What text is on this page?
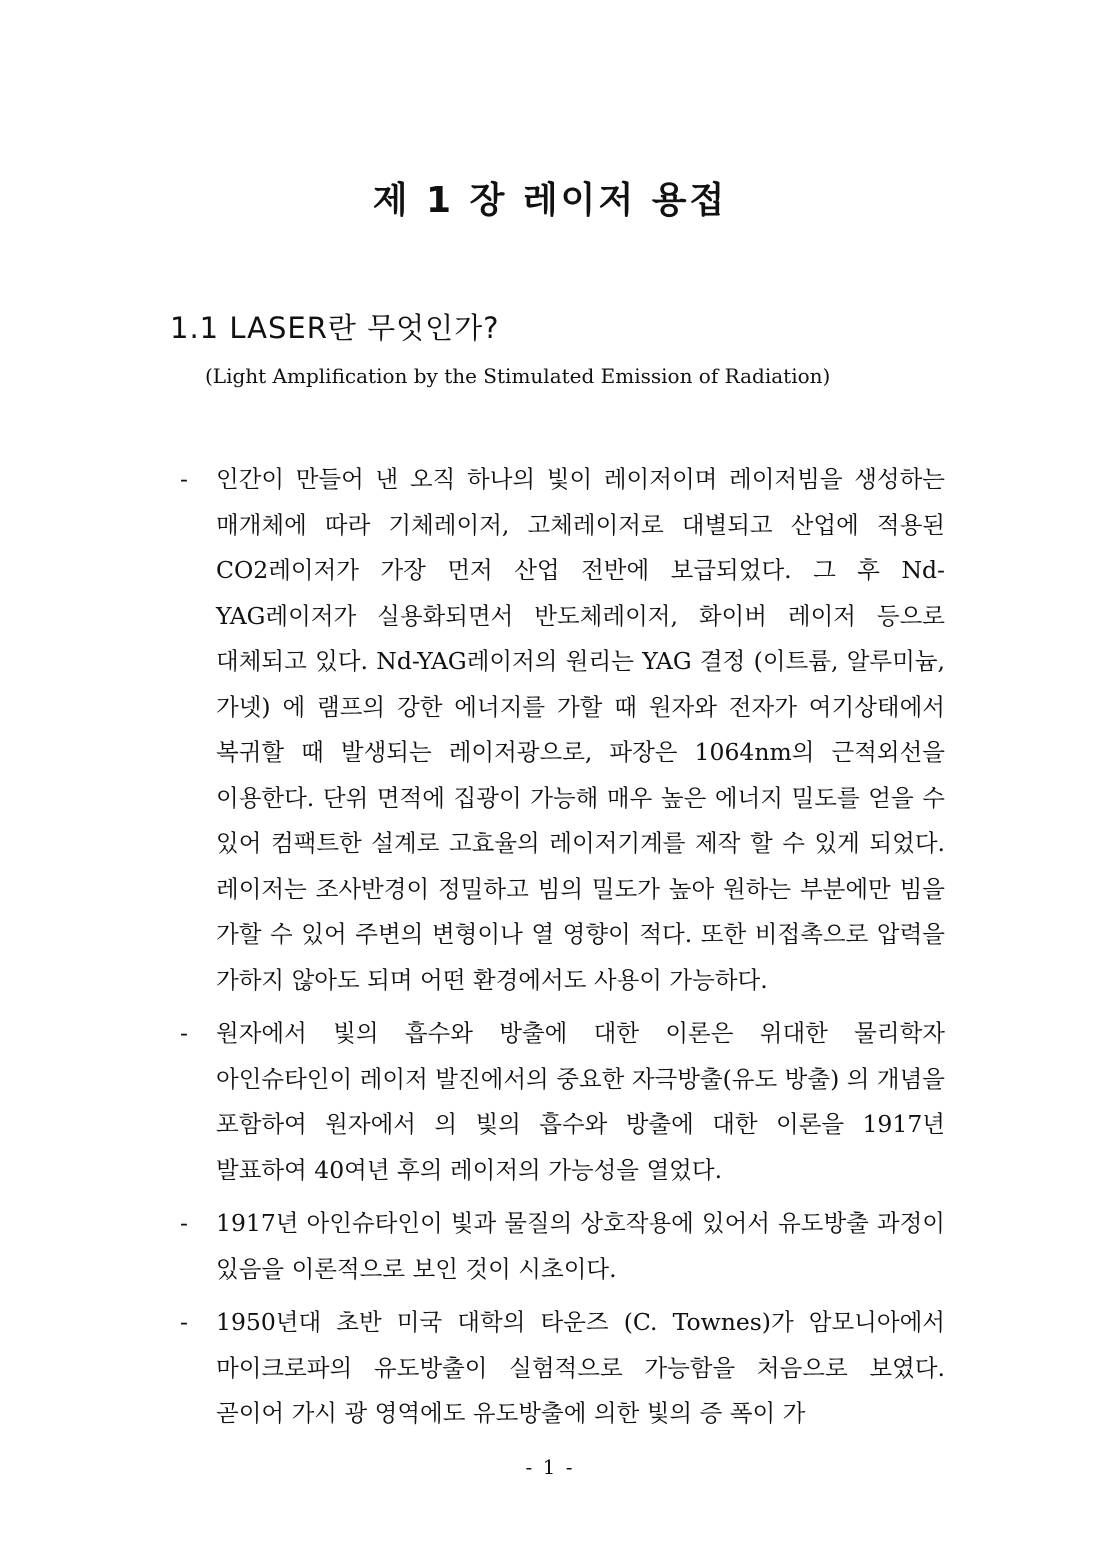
제 1 장 레이저 용접
1.1 LASER란 무엇인가?
(Light Amplification by the Stimulated Emission of Radiation)
-	인간이 만들어 낸 오직 하나의 빛이 레이저이며 레이저빔을 생성하는 매개체에 따라 기체레이저, 고체레이저로 대별되고 산업에 적용된 CO2레이저가 가장 먼저 산업 전반에 보급되었다. 그 후 Nd-YAG레이저가 실용화되면서 반도체레이저, 화이버 레이저 등으로 대체되고 있다. Nd-YAG레이저의 원리는 YAG 결정 (이트륨, 알루미늄, 가넷) 에 램프의 강한 에너지를 가할 때 원자와 전자가 여기상태에서 복귀할 때 발생되는 레이저광으로, 파장은 1064nm의 근적외선을 이용한다. 단위 면적에 집광이 가능해 매우 높은 에너지 밀도를 얻을 수 있어 컴팩트한 설계로 고효율의 레이저기계를 제작 할 수 있게 되었다. 레이저는 조사반경이 정밀하고 빔의 밀도가 높아 원하는 부분에만 빔을 가할 수 있어 주변의 변형이나 열 영향이 적다. 또한 비접촉으로 압력을 가하지 않아도 되며 어떤 환경에서도 사용이 가능하다.
-	원자에서 빛의 흡수와 방출에 대한 이론은 위대한 물리학자 아인슈타인이 레이저 발진에서의 중요한 자극방출(유도 방출) 의 개념을 포함하여 원자에서 의 빛의 흡수와 방출에 대한 이론을 1917년 발표하여 40여년 후의 레이저의 가능성을 열었다.
-	1917년 아인슈타인이 빛과 물질의 상호작용에 있어서 유도방출 과정이 있음을 이론적으로 보인 것이 시초이다.
-	1950년대 초반 미국 대학의 타운즈 (C. Townes)가 암모니아에서 마이크로파의 유도방출이 실험적으로 가능함을 처음으로 보였다. 곧이어 가시 광 영역에도 유도방출에 의한 빛의 증 폭이 가
- 1 -
